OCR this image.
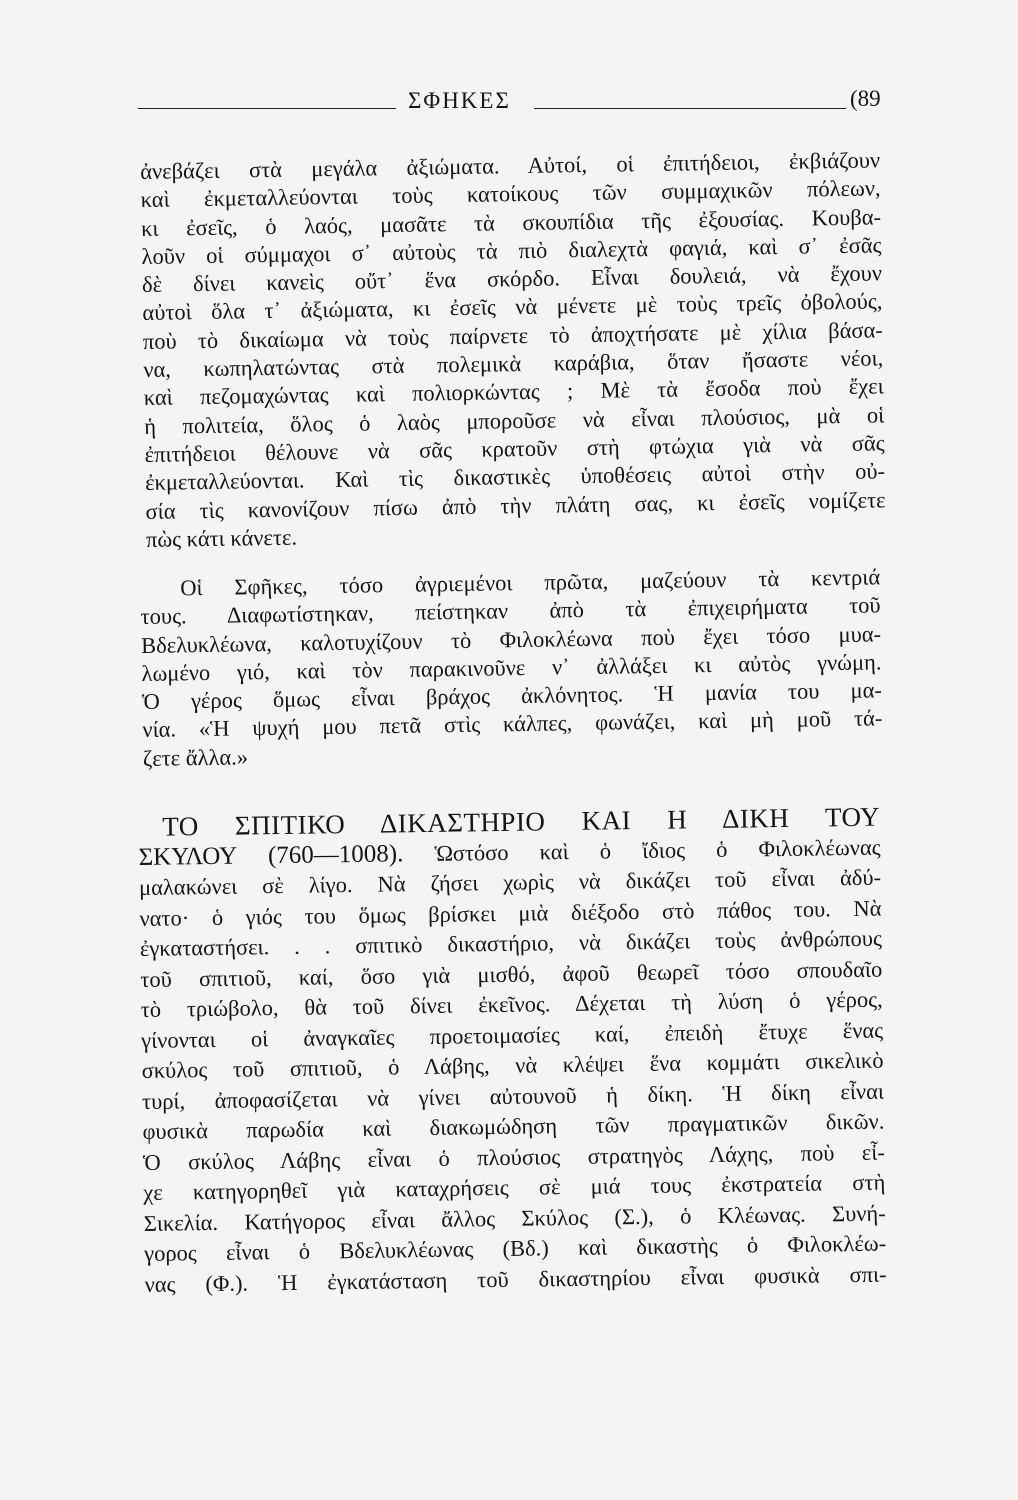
ΣΦΗΚΕΣ	(89
ἀνεβάζει στὰ μεγάλα ἀξιώματα. Αὐτοί, οἱ ἐπιτήδειοι, ἐκβιάζουν
καὶ ἐκμεταλλεύονται τοὺς κατοίκους τῶν συμμαχικῶν πόλεων,
κι ἐσεῖς, ὁ λαός, μασᾶτε τὰ σκουπίδια τῆς ἐξουσίας. Κουβα-
λοῦν οἱ σύμμαχοι σ᾽ αὐτοὺς τὰ πιὸ διαλεχτὰ φαγιά, καὶ σ᾽ ἐσᾶς
δὲ δίνει κανεὶς οὔτ᾽ ἕνα σκόρδο. Εἶναι δουλειά, νὰ ἔχουν
αὐτοὶ ὅλα τ᾽ ἀξιώματα, κι ἐσεῖς νὰ μένετε μὲ τοὺς τρεῖς ὀβολούς,
ποὺ τὸ δικαίωμα νὰ τοὺς παίρνετε τὸ ἀποχτήσατε μὲ χίλια βάσα-
να, κωπηλατώντας στὰ πολεμικὰ καράβια, ὅταν ἤσαστε νέοι,
καὶ πεζομαχώντας καὶ πολιορκώντας ; Μὲ τὰ ἔσοδα ποὺ ἔχει
ἡ πολιτεία, ὅλος ὁ λαὸς μποροῦσε νὰ εἶναι πλούσιος, μὰ οἱ
ἐπιτήδειοι θέλουνε νὰ σᾶς κρατοῦν στὴ φτώχια γιὰ νὰ σᾶς
ἐκμεταλλεύονται. Καὶ τὶς δικαστικὲς ὑποθέσεις αὐτοὶ στὴν οὐ-
σία τὶς κανονίζουν πίσω ἀπὸ τὴν πλάτη σας, κι ἐσεῖς νομίζετε
πὼς κάτι κάνετε.
Οἱ Σφῆκες, τόσο ἀγριεμένοι πρῶτα, μαζεύουν τὰ κεντριά
τους. Διαφωτίστηκαν, πείστηκαν ἀπὸ τὰ ἐπιχειρήματα τοῦ
Βδελυκλέωνα, καλοτυχίζουν τὸ Φιλοκλέωνα ποὺ ἔχει τόσο μυα-
λωμένο γιό, καὶ τὸν παρακινοῦνε ν᾽ ἀλλάξει κι αὐτὸς γνώμη.
Ὁ γέρος ὅμως εἶναι βράχος ἀκλόνητος. Ἡ μανία του μα-
νία. «Ἡ ψυχή μου πετᾶ στὶς κάλπες, φωνάζει, καὶ μὴ μοῦ τά-
ζετε ἄλλα.»
ΤΟ ΣΠΙΤΙΚΟ ΔΙΚΑΣΤΗΡΙΟ ΚΑΙ Η ΔΙΚΗ ΤΟΥ
ΣΚΥΛΟΥ (760—1008). Ὡστόσο καὶ ὁ ἴδιος ὁ Φιλοκλέωνας
μαλακώνει σὲ λίγο. Νὰ ζήσει χωρὶς νὰ δικάζει τοῦ εἶναι ἀδύ-
νατο· ὁ γιός του ὅμως βρίσκει μιὰ διέξοδο στὸ πάθος του. Νὰ
ἐγκαταστήσει. . . σπιτικὸ δικαστήριο, νὰ δικάζει τοὺς ἀνθρώπους
τοῦ σπιτιοῦ, καί, ὅσο γιὰ μισθό, ἀφοῦ θεωρεῖ τόσο σπουδαῖο
τὸ τριώβολο, θὰ τοῦ δίνει ἐκεῖνος. Δέχεται τὴ λύση ὁ γέρος,
γίνονται οἱ ἀναγκαῖες προετοιμασίες καί, ἐπειδὴ ἔτυχε ἕνας
σκύλος τοῦ σπιτιοῦ, ὁ Λάβης, νὰ κλέψει ἕνα κομμάτι σικελικὸ
τυρί, ἀποφασίζεται νὰ γίνει αὐτουνοῦ ἡ δίκη. Ἡ δίκη εἶναι
φυσικὰ παρωδία καὶ διακωμώδηση τῶν πραγματικῶν δικῶν.
Ὁ σκύλος Λάβης εἶναι ὁ πλούσιος στρατηγὸς Λάχης, ποὺ εἶ-
χε κατηγορηθεῖ γιὰ καταχρήσεις σὲ μιά τους ἐκστρατεία στὴ
Σικελία. Κατήγορος εἶναι ἄλλος Σκύλος (Σ.), ὁ Κλέωνας. Συνή-
γορος εἶναι ὁ Βδελυκλέωνας (Βδ.) καὶ δικαστὴς ὁ Φιλοκλέω-
νας (Φ.). Ἡ ἐγκατάσταση τοῦ δικαστηρίου εἶναι φυσικὰ σπι-
